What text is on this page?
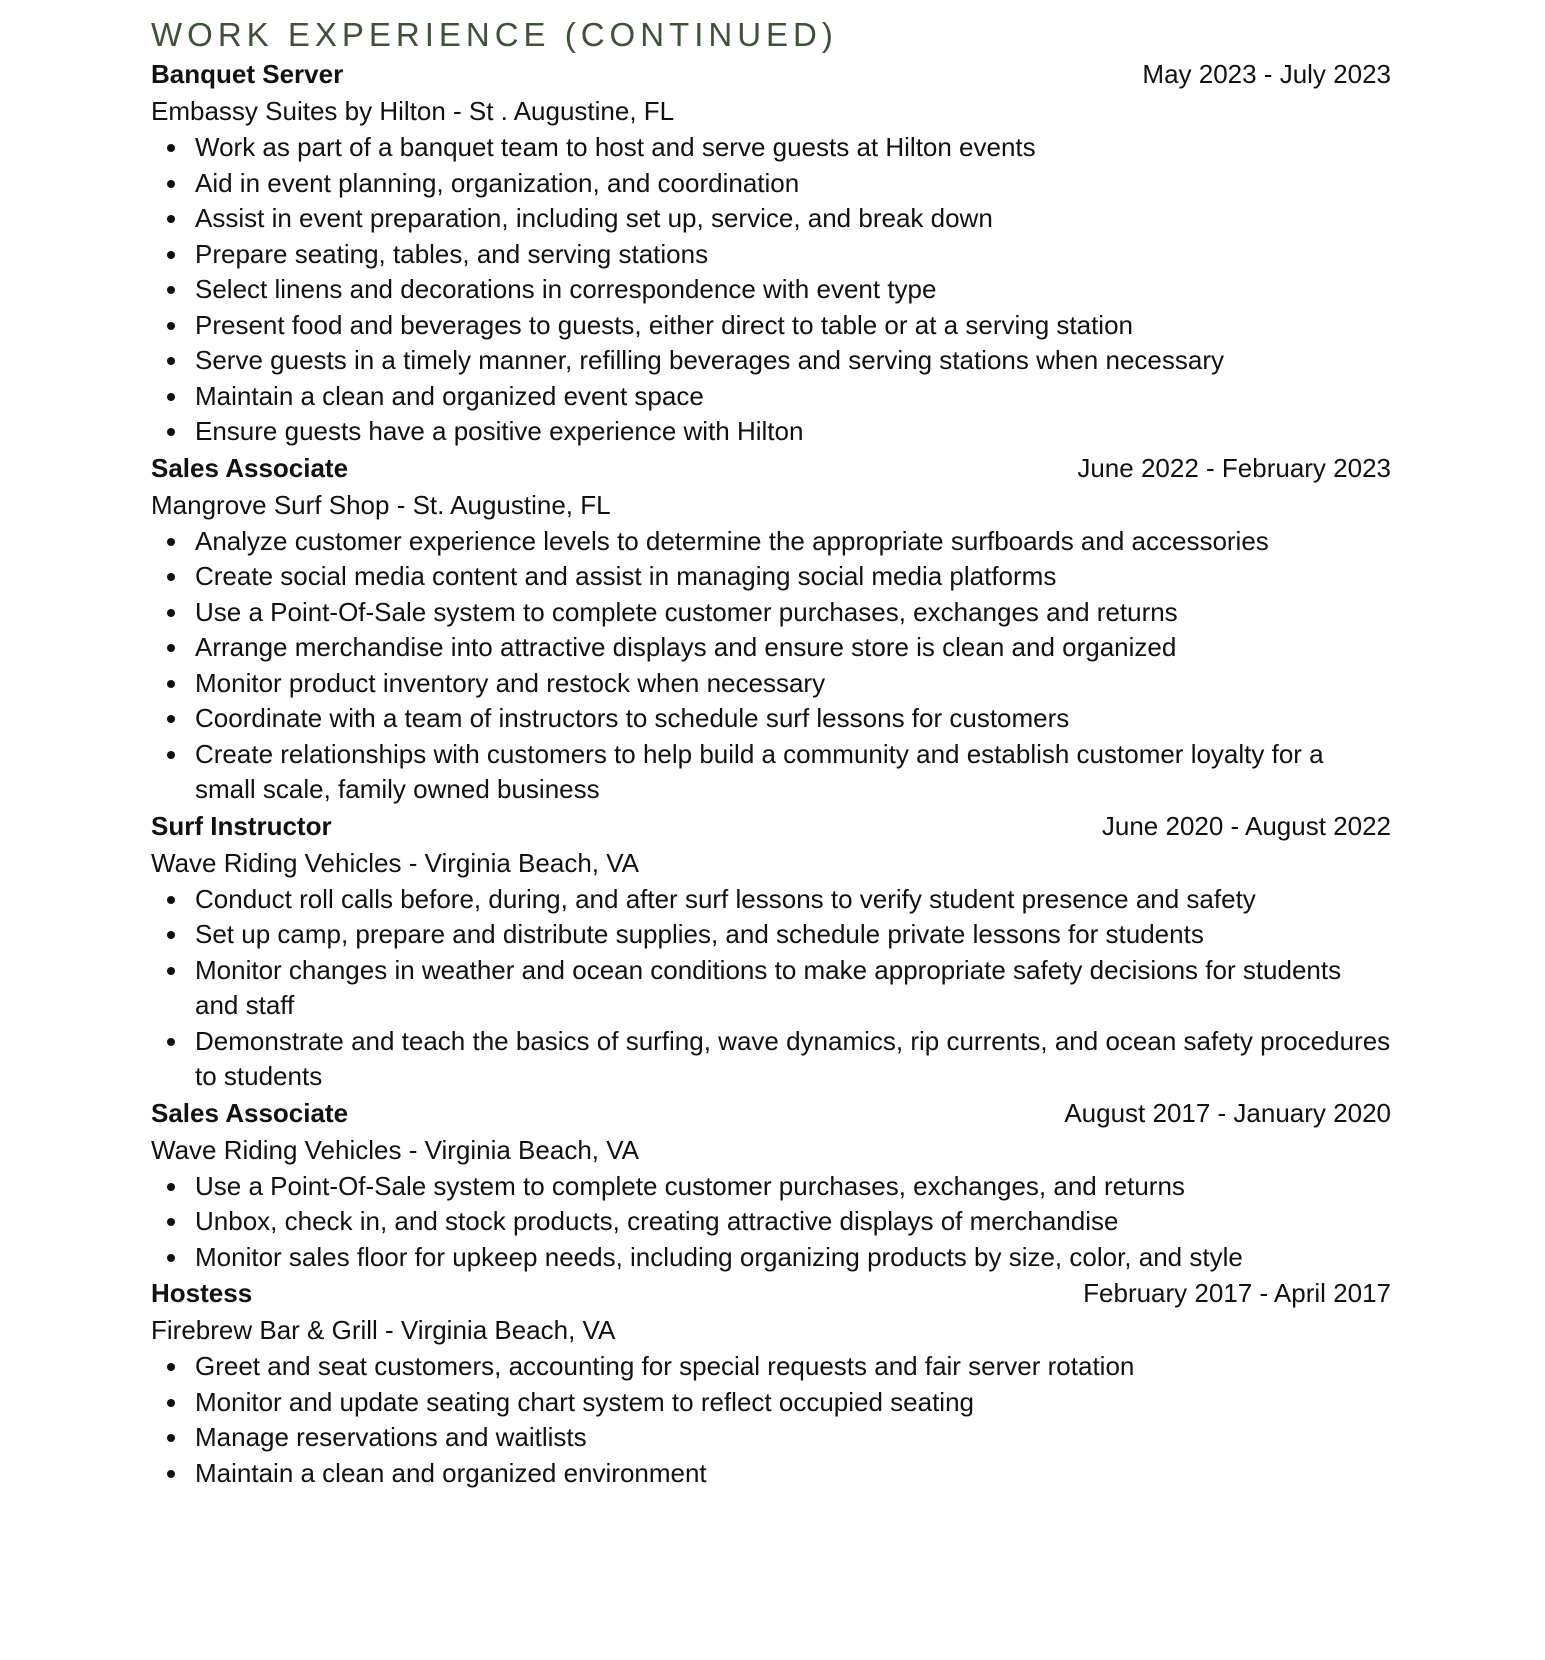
WORK EXPERIENCE (CONTINUED)
Banquet Server	May 2023 - July 2023
Embassy Suites by Hilton - St . Augustine, FL
Work as part of a banquet team to host and serve guests at Hilton events
Aid in event planning, organization, and coordination
Assist in event preparation, including set up, service, and break down
Prepare seating, tables, and serving stations
Select linens and decorations in correspondence with event type
Present food and beverages to guests, either direct to table or at a serving station
Serve guests in a timely manner, refilling beverages and serving stations when necessary
Maintain a clean and organized event space
Ensure guests have a positive experience with Hilton
Sales Associate	June 2022 - February 2023
Mangrove Surf Shop - St. Augustine, FL
Analyze customer experience levels to determine the appropriate surfboards and accessories
Create social media content and assist in managing social media platforms
Use a Point-Of-Sale system to complete customer purchases, exchanges and returns
Arrange merchandise into attractive displays and ensure store is clean and organized
Monitor product inventory and restock when necessary
Coordinate with a team of instructors to schedule surf lessons for customers
Create relationships with customers to help build a community and establish customer loyalty for a small scale, family owned business
Surf Instructor	June 2020 - August 2022
Wave Riding Vehicles - Virginia Beach, VA
Conduct roll calls before, during, and after surf lessons to verify student presence and safety
Set up camp, prepare and distribute supplies, and schedule private lessons for students
Monitor changes in weather and ocean conditions to make appropriate safety decisions for students and staff
Demonstrate and teach the basics of surfing, wave dynamics, rip currents, and ocean safety procedures to students
Sales Associate	August 2017 - January 2020
Wave Riding Vehicles - Virginia Beach, VA
Use a Point-Of-Sale system to complete customer purchases, exchanges, and returns
Unbox, check in, and stock products, creating attractive displays of merchandise
Monitor sales floor for upkeep needs, including organizing products by size, color, and style
Hostess	February 2017 - April 2017
Firebrew Bar & Grill - Virginia Beach, VA
Greet and seat customers, accounting for special requests and fair server rotation
Monitor and update seating chart system to reflect occupied seating
Manage reservations and waitlists
Maintain a clean and organized environment
